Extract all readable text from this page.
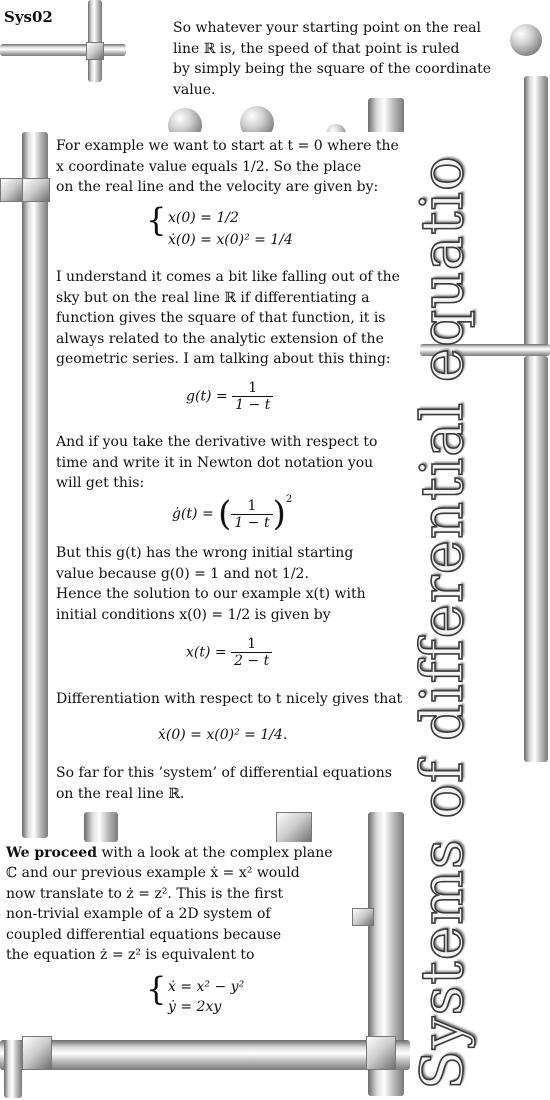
Systems of differential equatio
Sys02
So whatever your starting point on the real
line ℝ is, the speed of that point is ruled
by simply being the square of the coordinate
value.
For example we want to start at t = 0 where the
x coordinate value equals 1/2. So the place
on the real line and the velocity are given by:
{ x(0) = 1/2
ẋ(0) = x(0)² = 1/4
I understand it comes a bit like falling out of the
sky but on the real line ℝ if differentiating a
function gives the square of that function, it is
always related to the analytic extension of the
geometric series. I am talking about this thing:
$g(t) = \frac{1}{1 - t}$
And if you take the derivative with respect to
time and write it in Newton dot notation you
will get this:
ġ(t) = ( $\frac{1}{1 - t} )^2$
But this g(t) has the wrong initial starting
value because g(0) = 1 and not 1/2.
Hence the solution to our example x(t) with
initial conditions x(0) = 1/2 is given by
$x(t) = \frac{1}{2 - t}$
Differentiation with respect to t nicely gives that
ẋ(0) = x(0)² = 1/4.
So far for this ’system’ of differential equations
on the real line ℝ.
We proceed with a look at the complex plane
ℂ and our previous example ẋ = x² would
now translate to ż = z². This is the first
non-trivial example of a 2D system of
coupled differential equations because
the equation ż = z² is equivalent to
{ ẋ = x² − y²
ẏ = 2xy
